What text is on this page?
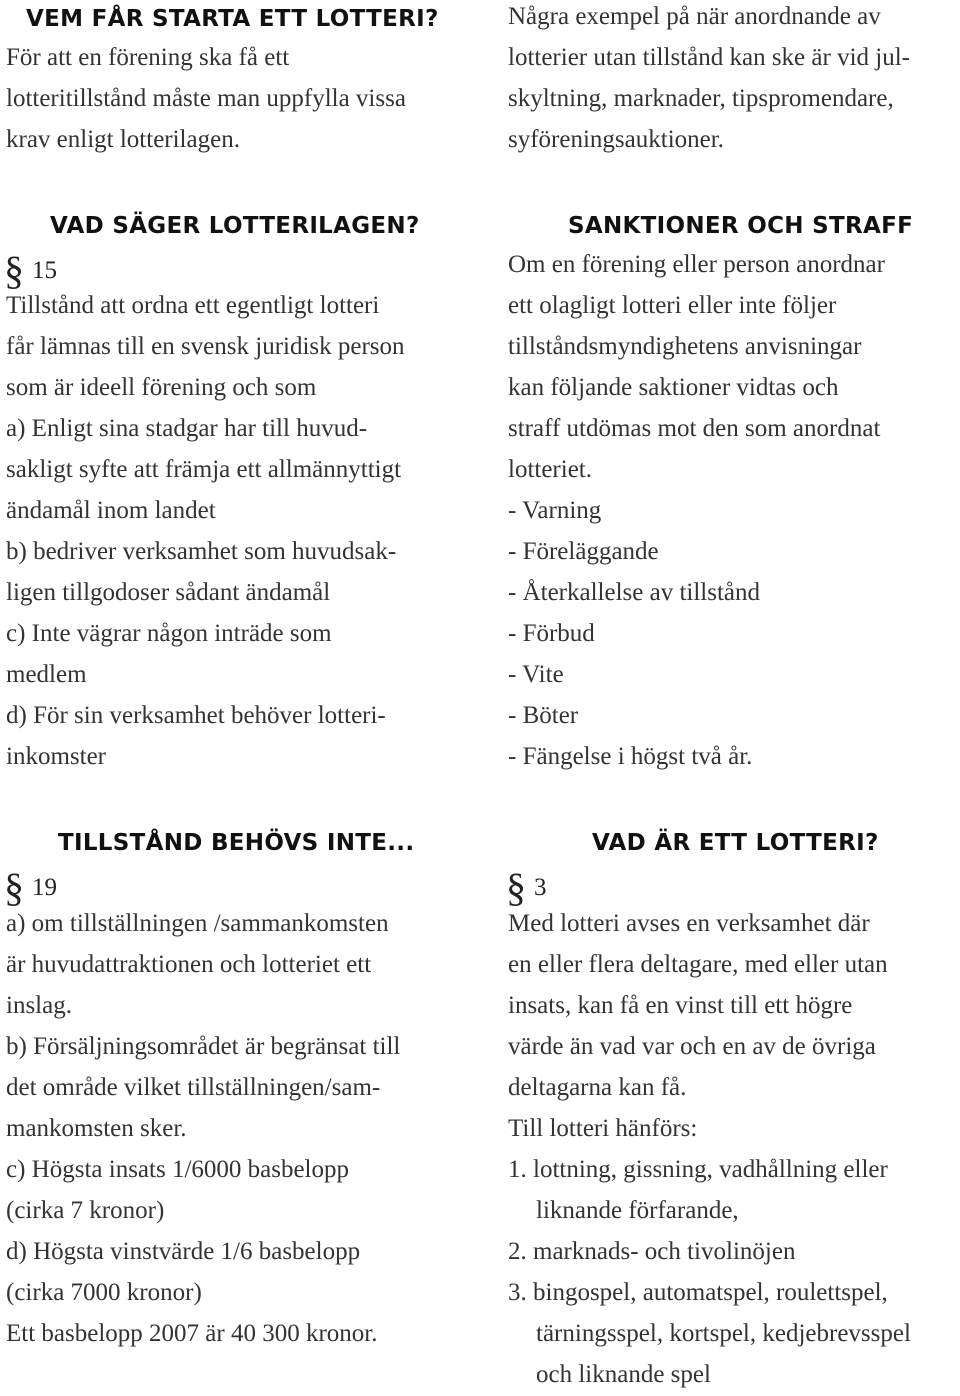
VEM FÅR STARTA ETT LOTTERI?
För att en förening ska få ett
lotteritillstånd måste man uppfylla vissa
krav enligt lotterilagen.
Några exempel på när anordnande av
lotterier utan tillstånd kan ske är vid jul-
skyltning, marknader, tipspromendare,
syföreningsauktioner.
VAD SÄGER LOTTERILAGEN?
§ 15
Tillstånd att ordna ett egentligt lotteri
får lämnas till en svensk juridisk person
som är ideell förening och som
a) Enligt sina stadgar har till huvud-
sakligt syfte att främja ett allmännyttigt
ändamål inom landet
b) bedriver verksamhet som huvudsak-
ligen tillgodoser sådant ändamål
c) Inte vägrar någon inträde som
medlem
d) För sin verksamhet behöver lotteri-
inkomster
SANKTIONER OCH STRAFF
Om en förening eller person anordnar
ett olagligt lotteri eller inte följer
tillståndsmyndighetens anvisningar
kan följande saktioner vidtas och
straff utdömas mot den som anordnat
lotteriet.
- Varning
- Föreläggande
- Återkallelse av tillstånd
- Förbud
- Vite
- Böter
- Fängelse i högst två år.
TILLSTÅND BEHÖVS INTE...
§ 19
a) om tillställningen /sammankomsten
är huvudattraktionen och lotteriet ett
inslag.
b) Försäljningsområdet är begränsat till
det område vilket tillställningen/sam-
mankomsten sker.
c) Högsta insats 1/6000 basbelopp
(cirka 7 kronor)
d) Högsta vinstvärde 1/6 basbelopp
(cirka 7000 kronor)
Ett basbelopp 2007 är 40 300 kronor.
VAD ÄR ETT LOTTERI?
§ 3
Med lotteri avses en verksamhet där
en eller flera deltagare, med eller utan
insats, kan få en vinst till ett högre
värde än vad var och en av de övriga
deltagarna kan få.
Till lotteri hänförs:
1. lottning, gissning, vadhållning eller
liknande förfarande,
2. marknads- och tivolinöjen
3. bingospel, automatspel, roulettspel,
tärningsspel, kortspel, kedjebrevsspel
och liknande spel
